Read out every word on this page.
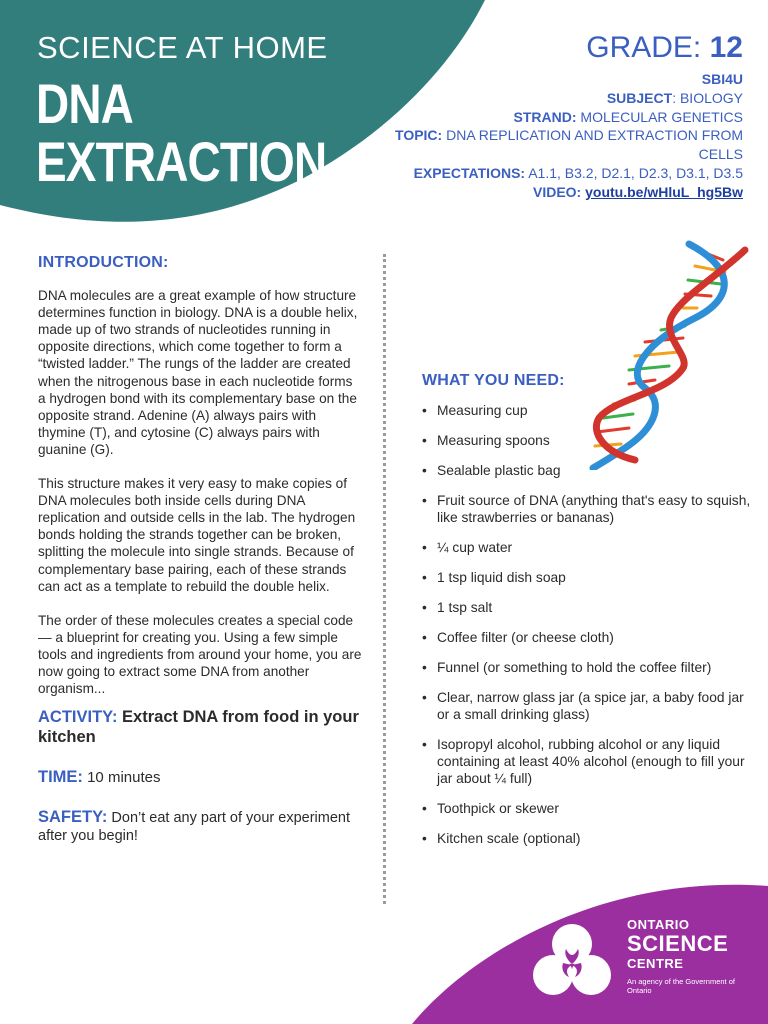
SCIENCE AT HOME
DNA
EXTRACTION
GRADE: 12
SBI4U
SUBJECT: BIOLOGY
STRAND: MOLECULAR GENETICS
TOPIC: DNA REPLICATION AND EXTRACTION FROM CELLS
EXPECTATIONS: A1.1, B3.2, D2.1, D2.3, D3.1, D3.5
VIDEO: youtu.be/wHluL_hg5Bw
INTRODUCTION:

DNA molecules are a great example of how structure determines function in biology. DNA is a double helix, made up of two strands of nucleotides running in opposite directions, which come together to form a “twisted ladder.” The rungs of the ladder are created when the nitrogenous base in each nucleotide forms a hydrogen bond with its complementary base on the opposite strand. Adenine (A) always pairs with thymine (T), and cytosine (C) always pairs with guanine (G).

This structure makes it very easy to make copies of DNA molecules both inside cells during DNA replication and outside cells in the lab. The hydrogen bonds holding the strands together can be broken, splitting the molecule into single strands. Because of complementary base pairing, each of these strands can act as a template to rebuild the double helix.

The order of these molecules creates a special code — a blueprint for creating you. Using a few simple tools and ingredients from around your home, you are now going to extract some DNA from another organism...

ACTIVITY: Extract DNA from food in your kitchen
TIME: 10 minutes
SAFETY: Don’t eat any part of your experiment after you begin!
WHAT YOU NEED:
• Measuring cup
• Measuring spoons
• Sealable plastic bag
• Fruit source of DNA (anything that's easy to squish, like strawberries or bananas)
• ¼ cup water
• 1 tsp liquid dish soap
• 1 tsp salt
• Coffee filter (or cheese cloth)
• Funnel (or something to hold the coffee filter)
• Clear, narrow glass jar (a spice jar, a baby food jar or a small drinking glass)
• Isopropyl alcohol, rubbing alcohol or any liquid containing at least 40% alcohol (enough to fill your jar about ¼ full)
• Toothpick or skewer
• Kitchen scale (optional)
ONTARIO
SCIENCE
CENTRE
An agency of the Government of Ontario
